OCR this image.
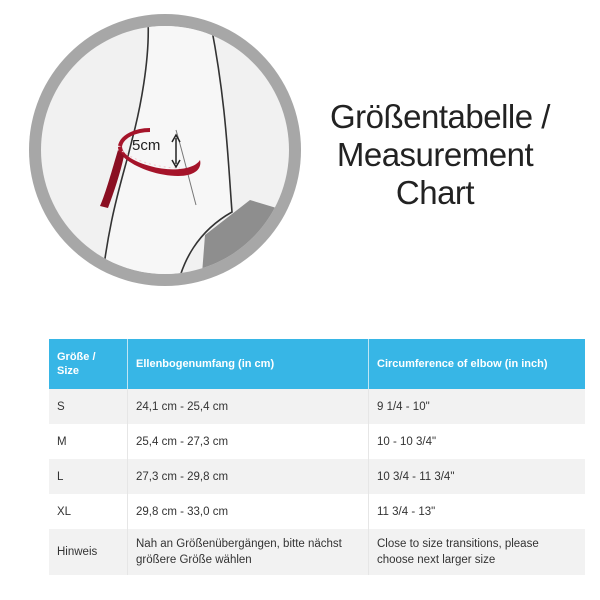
5cm
Größentabelle /
Measurement
Chart
Größe / Size	Ellenbogenumfang (in cm)	Circumference of elbow (in inch)
S	24,1 cm - 25,4 cm	9 1/4 - 10"
M	25,4 cm - 27,3 cm	10 - 10 3/4"
L	27,3 cm - 29,8 cm	10 3/4 - 11 3/4"
XL	29,8 cm - 33,0 cm	11 3/4 - 13"
Hinweis	Nah an Größenübergängen, bitte nächst größere Größe wählen	Close to size transitions, please choose next larger size
